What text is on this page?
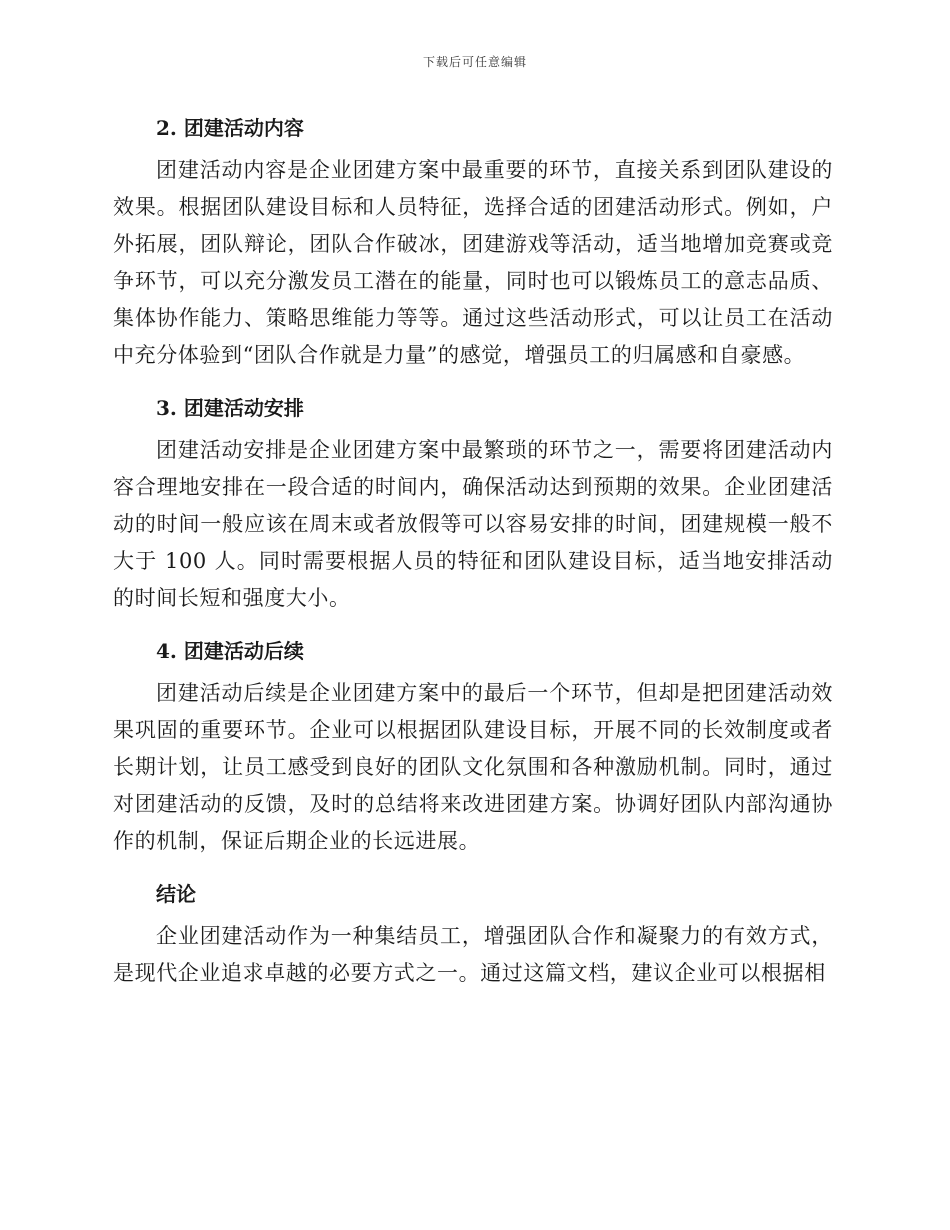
下载后可任意编辑
2. 团建活动内容

团建活动内容是企业团建方案中最重要的环节，直接关系到团队建设的效果。根据团队建设目标和人员特征，选择合适的团建活动形式。例如，户外拓展，团队辩论，团队合作破冰，团建游戏等活动，适当地增加竞赛或竞争环节，可以充分激发员工潜在的能量，同时也可以锻炼员工的意志品质、集体协作能力、策略思维能力等等。通过这些活动形式，可以让员工在活动中充分体验到“团队合作就是力量”的感觉，增强员工的归属感和自豪感。

3. 团建活动安排

团建活动安排是企业团建方案中最繁琐的环节之一，需要将团建活动内容合理地安排在一段合适的时间内，确保活动达到预期的效果。企业团建活动的时间一般应该在周末或者放假等可以容易安排的时间，团建规模一般不大于 100 人。同时需要根据人员的特征和团队建设目标，适当地安排活动的时间长短和强度大小。

4. 团建活动后续

团建活动后续是企业团建方案中的最后一个环节，但却是把团建活动效果巩固的重要环节。企业可以根据团队建设目标，开展不同的长效制度或者长期计划，让员工感受到良好的团队文化氛围和各种激励机制。同时，通过对团建活动的反馈，及时的总结将来改进团建方案。协调好团队内部沟通协作的机制，保证后期企业的长远进展。

结论

企业团建活动作为一种集结员工，增强团队合作和凝聚力的有效方式，是现代企业追求卓越的必要方式之一。通过这篇文档，建议企业可以根据相
